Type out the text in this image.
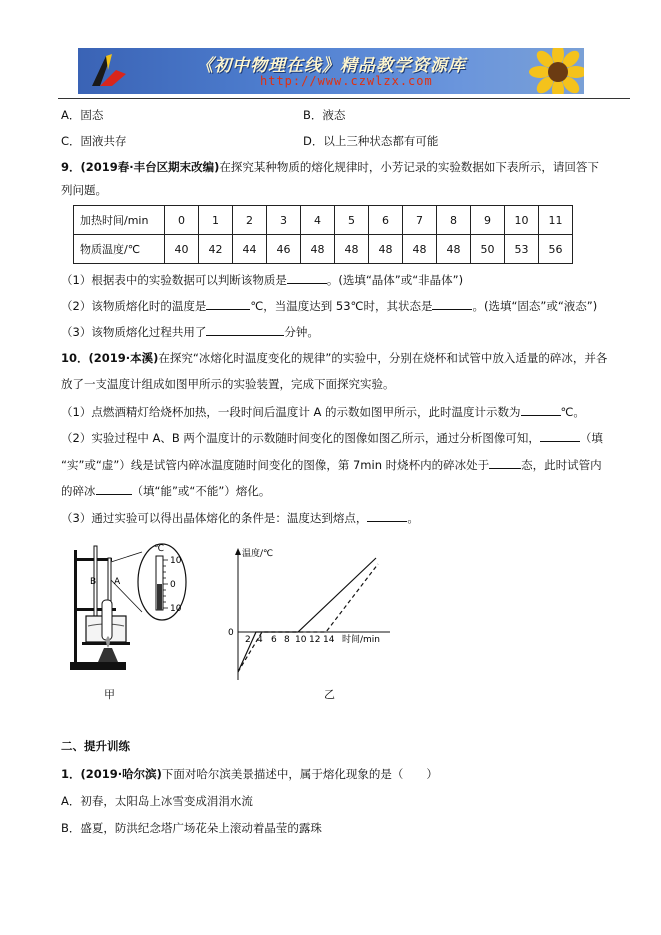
《初中物理在线》精品教学资源库
http://www.czwlzx.com
A．固态	B．液态
C．固液共存	D．以上三种状态都有可能
9．(2019春·丰台区期末改编)在探究某种物质的熔化规律时，小芳记录的实验数据如下表所示，请回答下
列问题。
加热时间/min	0	1	2	3	4	5	6	7	8	9	10	11
物质温度/℃	40	42	44	46	48	48	48	48	48	50	53	56
（1）根据表中的实验数据可以判断该物质是	。(选填“晶体”或“非晶体”)
（2）该物质熔化时的温度是	℃，当温度达到 53℃时，其状态是	。(选填“固态”或“液态”)
（3）该物质熔化过程共用了	分钟。
10．(2019·本溪)在探究“冰熔化时温度变化的规律”的实验中，分别在烧杯和试管中放入适量的碎冰，并各
放了一支温度计组成如图甲所示的实验装置，完成下面探究实验。
（1）点燃酒精灯给烧杯加热，一段时间后温度计 A 的示数如图甲所示，此时温度计示数为	℃。
（2）实验过程中 A、B 两个温度计的示数随时间变化的图像如图乙所示，通过分析图像可知，	（填
“实”或“虚”）线是试管内碎冰温度随时间变化的图像，第 7min 时烧杯内的碎冰处于	态，此时试管内
的碎冰	（填“能”或“不能”）熔化。
（3）通过实验可以得出晶体熔化的条件是：温度达到熔点，	。
℃
10
0
10
B A
甲
温度/℃
时间/min
0
2 4 6 8 10 12 14
乙
二、提升训练
1．(2019·哈尔滨)下面对哈尔滨美景描述中，属于熔化现象的是（　　）
A．初春，太阳岛上冰雪变成涓涓水流
B．盛夏，防洪纪念塔广场花朵上滚动着晶莹的露珠
